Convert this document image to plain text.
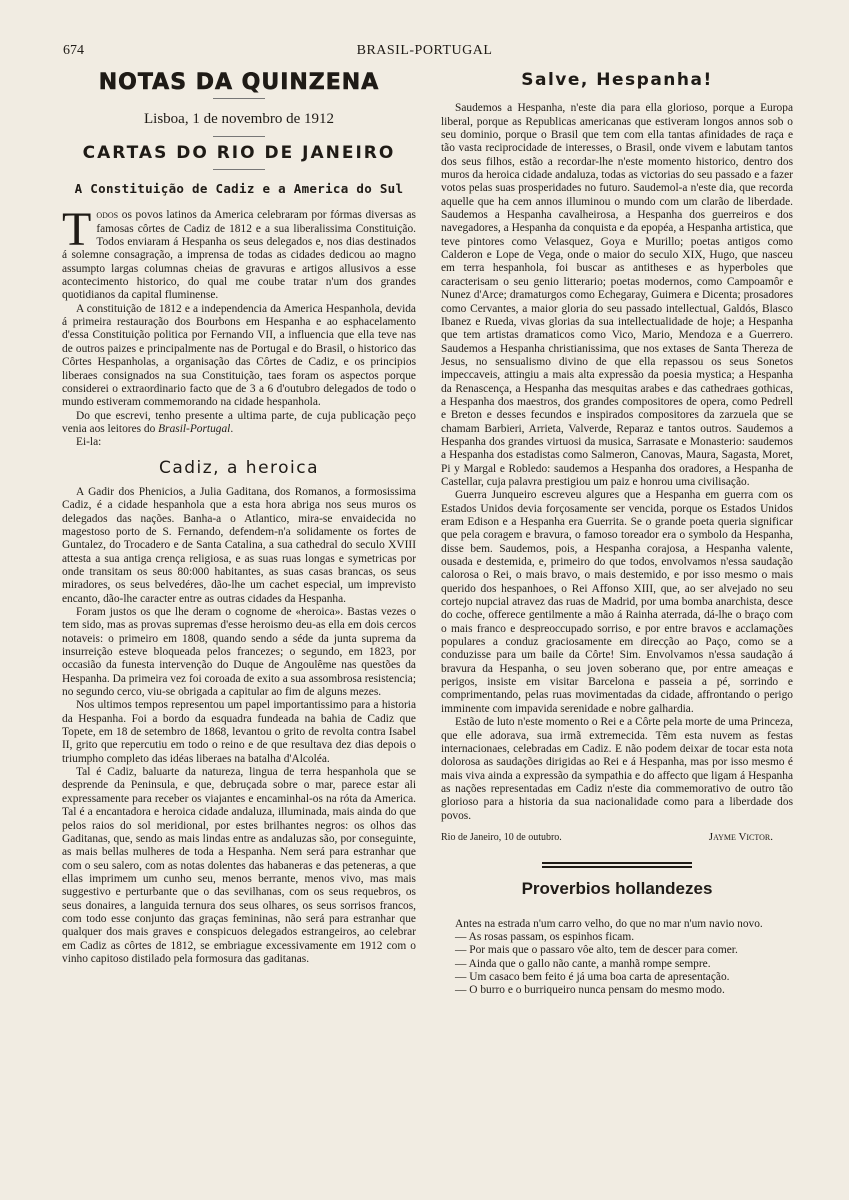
674	BRASIL-PORTUGAL
NOTAS DA QUINZENA
Lisboa, 1 de novembro de 1912
CARTAS DO RIO DE JANEIRO
A Constituição de Cadiz e a America do Sul

Todos os povos latinos da America celebraram por fórmas diversas as famosas côrtes de Cadiz de 1812 e a sua liberalissima Constituição. Todos enviaram á Hespanha os seus delegados e, nos dias destinados á solemne consagração, a imprensa de todas as cidades dedicou ao magno assumpto largas columnas cheias de gravuras e artigos allusivos a esse acontecimento historico, do qual me coube tratar n'um dos grandes quotidianos da capital fluminense.

A constituição de 1812 e a independencia da America Hespanhola, devida á primeira restauração dos Bourbons em Hespanha e ao esphacelamento d'essa Constituição politica por Fernando VII, a influencia que ella teve nas de outros paizes e principalmente nas de Portugal e do Brasil, o historico das Côrtes Hespanholas, a organisação das Côrtes de Cadiz, e os principios liberaes consignados na sua Constituição, taes foram os aspectos porque considerei o extraordinario facto que de 3 a 6 d'outubro delegados de todo o mundo estiveram commemorando na cidade hespanhola.

Do que escrevi, tenho presente a ultima parte, de cuja publicação peço venia aos leitores do Brasil-Portugal.

Ei-la:

Cadiz, a heroica

A Gadir dos Phenicios, a Julia Gaditana, dos Romanos, a formosissima Cadiz, é a cidade hespanhola que a esta hora abriga nos seus muros os delegados das nações. Banha-a o Atlantico, mira-se envaidecida no magestoso porto de S. Fernando, defendem-n'a solidamente os fortes de Guntalez, do Trocadero e de Santa Catalina, a sua cathedral do seculo XVIII attesta a sua antiga crença religiosa, e as suas ruas longas e symetricas por onde transitam os seus 80:000 habitantes, as suas casas brancas, os seus miradores, os seus belvedéres, dão-lhe um cachet especial, um imprevisto encanto, dão-lhe caracter entre as outras cidades da Hespanha.

Foram justos os que lhe deram o cognome de «heroica». Bastas vezes o tem sido, mas as provas supremas d'esse heroismo deu-as ella em dois cercos notaveis: o primeiro em 1808, quando sendo a séde da junta suprema da insurreição esteve bloqueada pelos francezes; o segundo, em 1823, por occasião da funesta intervenção do Duque de Angoulême nas questões da Hespanha. Da primeira vez foi coroada de exito a sua assombrosa resistencia; no segundo cerco, viu-se obrigada a capitular ao fim de alguns mezes.

Nos ultimos tempos representou um papel importantissimo para a historia da Hespanha. Foi a bordo da esquadra fundeada na bahia de Cadiz que Topete, em 18 de setembro de 1868, levantou o grito de revolta contra Isabel II, grito que repercutiu em todo o reino e de que resultava dez dias depois o triumpho completo das idéas liberaes na batalha d'Alcoléa.

Tal é Cadiz, baluarte da natureza, lingua de terra hespanhola que se desprende da Peninsula, e que, debruçada sobre o mar, parece estar ali expressamente para receber os viajantes e encaminhal-os na róta da America. Tal é a encantadora e heroica cidade andaluza, illuminada, mais ainda do que pelos raios do sol meridional, por estes brilhantes negros: os olhos das Gaditanas, que, sendo as mais lindas entre as andaluzas são, por conseguinte, as mais bellas mulheres de toda a Hespanha. Nem será para estranhar que com o seu salero, com as notas dolentes das habaneras e das peteneras, a que ellas imprimem um cunho seu, menos berrante, menos vivo, mas mais suggestivo e perturbante que o das sevilhanas, com os seus requebros, os seus donaires, a languida ternura dos seus olhares, os seus sorrisos francos, com todo esse conjunto das graças femininas, não será para estranhar que qualquer dos mais graves e conspicuos delegados estrangeiros, ao celebrar em Cadiz as côrtes de 1812, se embriague excessivamente em 1912 com o vinho capitoso distilado pela formosura das gaditanas.

Salve, Hespanha!

Saudemos a Hespanha, n'este dia para ella glorioso, porque a Europa liberal, porque as Republicas americanas que estiveram longos annos sob o seu dominio, porque o Brasil que tem com ella tantas afinidades de raça e tão vasta reciprocidade de interesses, o Brasil, onde vivem e labutam tantos dos seus filhos, estão a recordar-lhe n'este momento historico, dentro dos muros da heroica cidade andaluza, todas as victorias do seu passado e a fazer votos pelas suas prosperidades no futuro. Saudemol-a n'este dia, que recorda aquelle que ha cem annos illuminou o mundo com um clarão de liberdade. Saudemos a Hespanha cavalheirosa, a Hespanha dos guerreiros e dos navegadores, a Hespanha da conquista e da epopéa, a Hespanha artistica, que teve pintores como Velasquez, Goya e Murillo; poetas antigos como Calderon e Lope de Vega, onde o maior do seculo XIX, Hugo, que nasceu em terra hespanhola, foi buscar as antitheses e as hyperboles que caracterisam o seu genio litterario; poetas modernos, como Campoamôr e Nunez d'Arce; dramaturgos como Echegaray, Guimera e Dicenta; prosadores como Cervantes, a maior gloria do seu passado intellectual, Galdós, Blasco Ibanez e Rueda, vivas glorias da sua intellectualidade de hoje; a Hespanha que tem artistas dramaticos como Vico, Mario, Mendoza e a Guerrero. Saudemos a Hespanha christianissima, que nos extases de Santa Thereza de Jesus, no sensualismo divino de que ella repassou os seus Sonetos impeccaveis, attingiu a mais alta expressão da poesia mystica; a Hespanha da Renascença, a Hespanha das mesquitas arabes e das cathedraes gothicas, a Hespanha dos maestros, dos grandes compositores de opera, como Pedrell e Breton e desses fecundos e inspirados compositores da zarzuela que se chamam Barbieri, Arrieta, Valverde, Reparaz e tantos outros. Saudemos a Hespanha dos grandes virtuosi da musica, Sarrasate e Monasterio: saudemos a Hespanha dos estadistas como Salmeron, Canovas, Maura, Sagasta, Moret, Pi y Margal e Robledo: saudemos a Hespanha dos oradores, a Hespanha de Castellar, cuja palavra prestigiou um paiz e honrou uma civilisação.

Guerra Junqueiro escreveu algures que a Hespanha em guerra com os Estados Unidos devia forçosamente ser vencida, porque os Estados Unidos eram Edison e a Hespanha era Guerrita. Se o grande poeta queria significar que pela coragem e bravura, o famoso toreador era o symbolo da Hespanha, disse bem. Saudemos, pois, a Hespanha corajosa, a Hespanha valente, ousada e destemida, e, primeiro do que todos, envolvamos n'essa saudação calorosa o Rei, o mais bravo, o mais destemido, e por isso mesmo o mais querido dos hespanhoes, o Rei Affonso XIII, que, ao ser alvejado no seu cortejo nupcial atravez das ruas de Madrid, por uma bomba anarchista, desce do coche, offerece gentilmente a mão á Rainha aterrada, dá-lhe o braço com o mais franco e despreoccupado sorriso, e por entre bravos e acclamações populares a conduz graciosamente em direcção ao Paço, como se a conduzisse para um baile da Côrte! Sim. Envolvamos n'essa saudação á bravura da Hespanha, o seu joven soberano que, por entre ameaças e perigos, insiste em visitar Barcelona e passeia a pé, sorrindo e comprimentando, pelas ruas movimentadas da cidade, affrontando o perigo imminente com impavida serenidade e nobre galhardia.

Estão de luto n'este momento o Rei e a Côrte pela morte de uma Princeza, que elle adorava, sua irmã extremecida. Têm esta nuvem as festas internacionaes, celebradas em Cadiz. E não podem deixar de tocar esta nota dolorosa as saudações dirigidas ao Rei e á Hespanha, mas por isso mesmo é mais viva ainda a expressão da sympathia e do affecto que ligam á Hespanha as nações representadas em Cadiz n'este dia commemorativo de outro tão glorioso para a historia da sua nacionalidade como para a liberdade dos povos.

Rio de Janeiro, 10 de outubro.	Jayme Victor.
Proverbios hollandezes

Antes na estrada n'um carro velho, do que no mar n'um navio novo.

— As rosas passam, os espinhos ficam.
— Por mais que o passaro vôe alto, tem de descer para comer.
— Ainda que o gallo não cante, a manhã rompe sempre.
— Um casaco bem feito é já uma boa carta de apresentação.
— O burro e o burriqueiro nunca pensam do mesmo modo.
